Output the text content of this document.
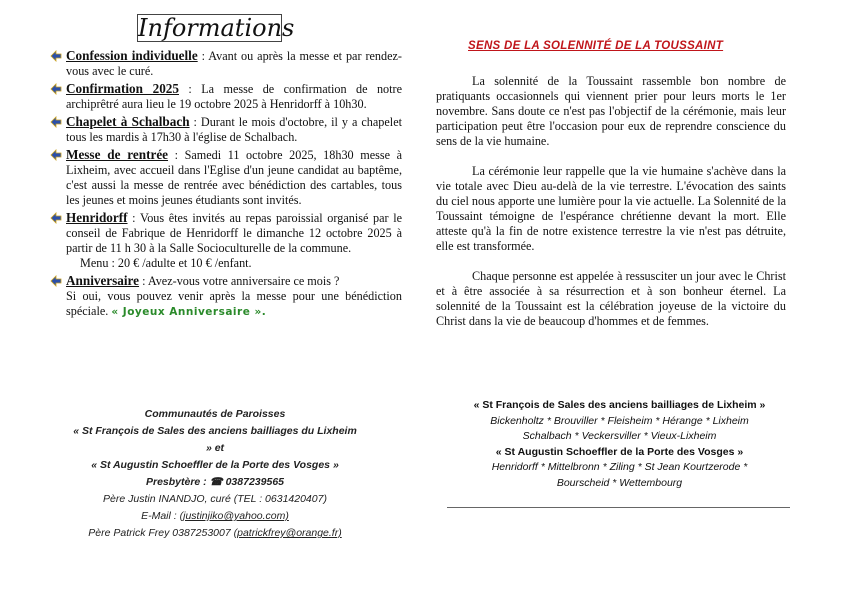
Informations
Confession individuelle : Avant ou après la messe et par rendez-vous avec le curé.
Confirmation 2025 : La messe de confirmation de notre archiprêtré aura lieu le 19 octobre 2025 à Henridorff à 10h30.
Chapelet à Schalbach : Durant le mois d'octobre, il y a chapelet tous les mardis à 17h30 à l'église de Schalbach.
Messe de rentrée : Samedi 11 octobre 2025, 18h30 messe à Lixheim, avec accueil dans l'Eglise d'un jeune candidat au baptême, c'est aussi la messe de rentrée avec bénédiction des cartables, tous les jeunes et moins jeunes étudiants sont invités.
Henridorff : Vous êtes invités au repas paroissial organisé par le conseil de Fabrique de Henridorff le dimanche 12 octobre 2025 à partir de 11 h 30 à la Salle Socioculturelle de la commune.
Menu : 20 € /adulte et 10 € /enfant.
Anniversaire : Avez-vous votre anniversaire ce mois ?
Si oui, vous pouvez venir après la messe pour une bénédiction spéciale. « Joyeux Anniversaire ».
Communautés de Paroisses
« St François de Sales des anciens bailliages du Lixheim » et
« St Augustin Schoeffler de la Porte des Vosges »
Presbytère : ☎ 0387239565
Père Justin INANDJO, curé (TEL : 0631420407)
E-Mail : (justinjiko@yahoo.com)
Père Patrick Frey 0387253007 (patrickfrey@orange.fr)
SENS DE LA SOLENNITÉ DE LA TOUSSAINT

La solennité de la Toussaint rassemble bon nombre de pratiquants occasionnels qui viennent prier pour leurs morts le 1er novembre. Sans doute ce n'est pas l'objectif de la cérémonie, mais leur participation peut être l'occasion pour eux de reprendre conscience du sens de la vie humaine.

La cérémonie leur rappelle que la vie humaine s'achève dans la vie totale avec Dieu au-delà de la vie terrestre. L'évocation des saints du ciel nous apporte une lumière pour la vie actuelle. La Solennité de la Toussaint témoigne de l'espérance chrétienne devant la mort. Elle atteste qu'à la fin de notre existence terrestre la vie n'est pas détruite, elle est transformée.

Chaque personne est appelée à ressusciter un jour avec le Christ et à être associée à sa résurrection et à son bonheur éternel. La solennité de la Toussaint est la célébration joyeuse de la victoire du Christ dans la vie de beaucoup d'hommes et de femmes.

« St François de Sales des anciens bailliages de Lixheim »
Bickenholtz * Brouviller * Fleisheim * Hérange * Lixheim
Schalbach * Veckersviller * Vieux-Lixheim
« St Augustin Schoeffler de la Porte des Vosges »
Henridorff * Mittelbronn * Ziling * St Jean Kourtzerode *
Bourscheid * Wettembourg
